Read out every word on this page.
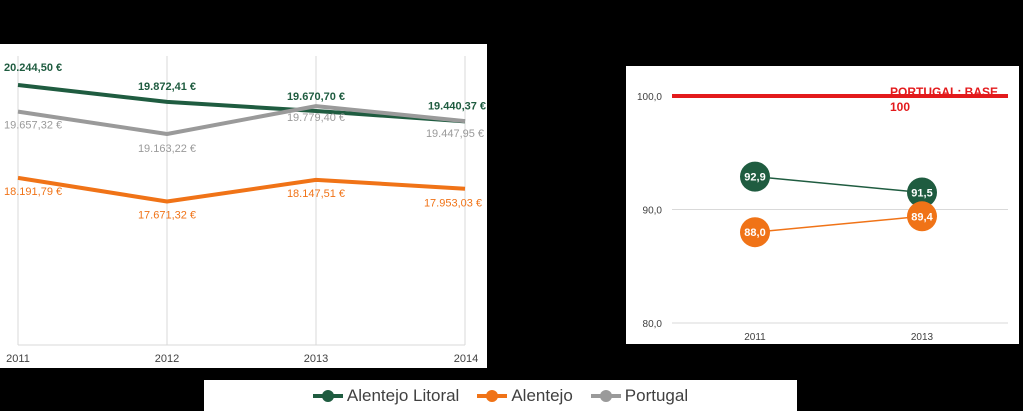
2011	2012	2013	2014
20.244,50 €
19.872,41 €
19.670,70 €
19.440,37 €
19.657,32 €
19.163,22 €
19.779,40 €
19.447,95 €
18.191,79 €
17.671,32 €
18.147,51 €
17.953,03 €
80,0
90,0
100,0	PORTUGAL: BASE 100
2011	2013
92,9
91,5
88,0
89,4
Alentejo Litoral	Alentejo	Portugal
